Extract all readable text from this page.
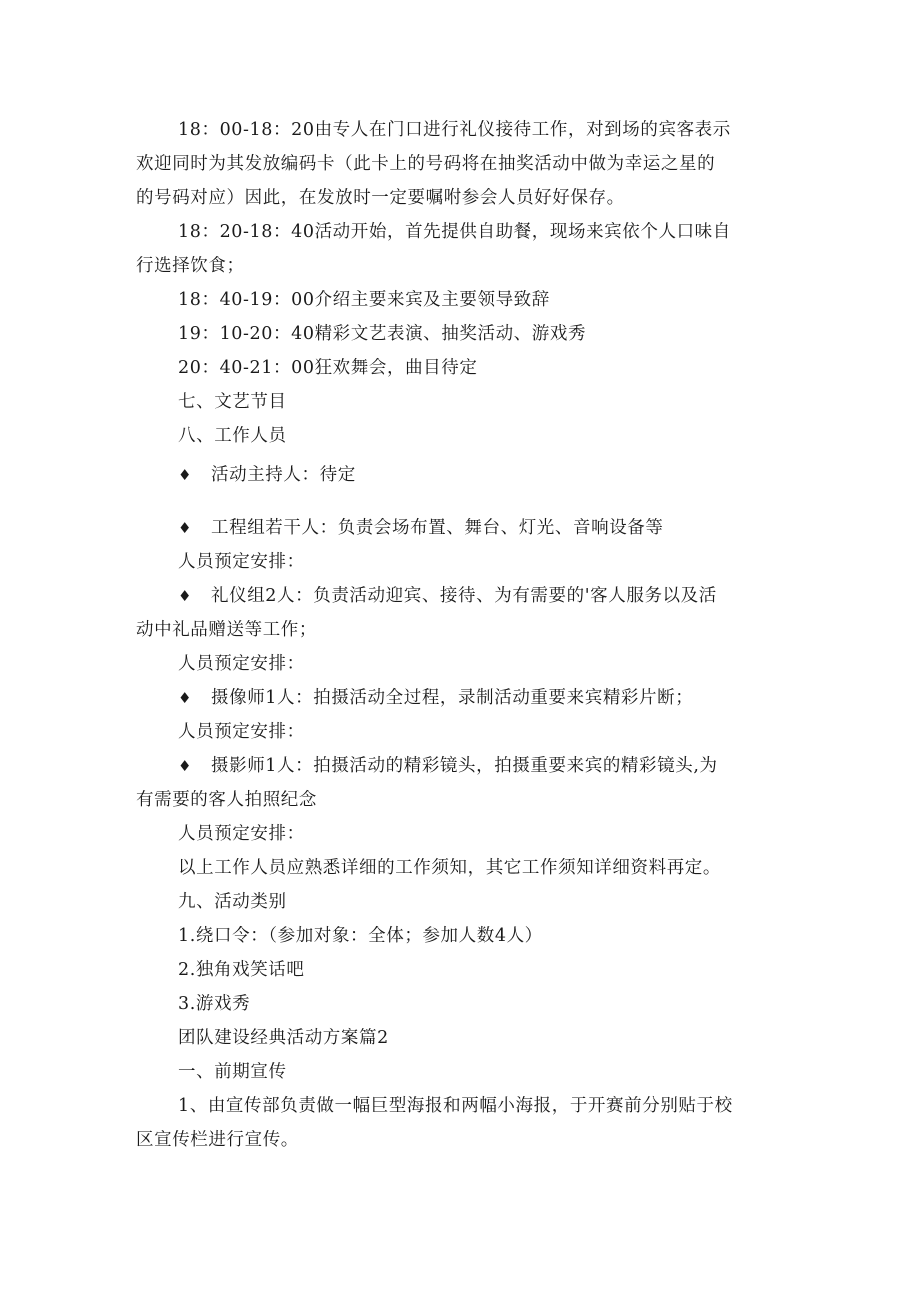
18：00-18：20由专人在门口进行礼仪接待工作，对到场的宾客表示
欢迎同时为其发放编码卡（此卡上的号码将在抽奖活动中做为幸运之星的
的号码对应）因此，在发放时一定要嘱咐参会人员好好保存。
18：20-18：40活动开始，首先提供自助餐，现场来宾依个人口味自
行选择饮食；
18：40-19：00介绍主要来宾及主要领导致辞
19：10-20：40精彩文艺表演、抽奖活动、游戏秀
20：40-21：00狂欢舞会，曲目待定
七、文艺节目
八、工作人员
♦ 活动主持人：待定
♦ 工程组若干人：负责会场布置、舞台、灯光、音响设备等
人员预定安排：
♦ 礼仪组2人：负责活动迎宾、接待、为有需要的'客人服务以及活
动中礼品赠送等工作；
人员预定安排：
♦ 摄像师1人：拍摄活动全过程，录制活动重要来宾精彩片断；
人员预定安排：
♦ 摄影师1人：拍摄活动的精彩镜头，拍摄重要来宾的精彩镜头,为
有需要的客人拍照纪念
人员预定安排：
以上工作人员应熟悉详细的工作须知，其它工作须知详细资料再定。
九、活动类别
1.绕口令：（参加对象：全体；参加人数4人）
2.独角戏笑话吧
3.游戏秀
团队建设经典活动方案篇2
一、前期宣传
1、由宣传部负责做一幅巨型海报和两幅小海报，于开赛前分别贴于校
区宣传栏进行宣传。
